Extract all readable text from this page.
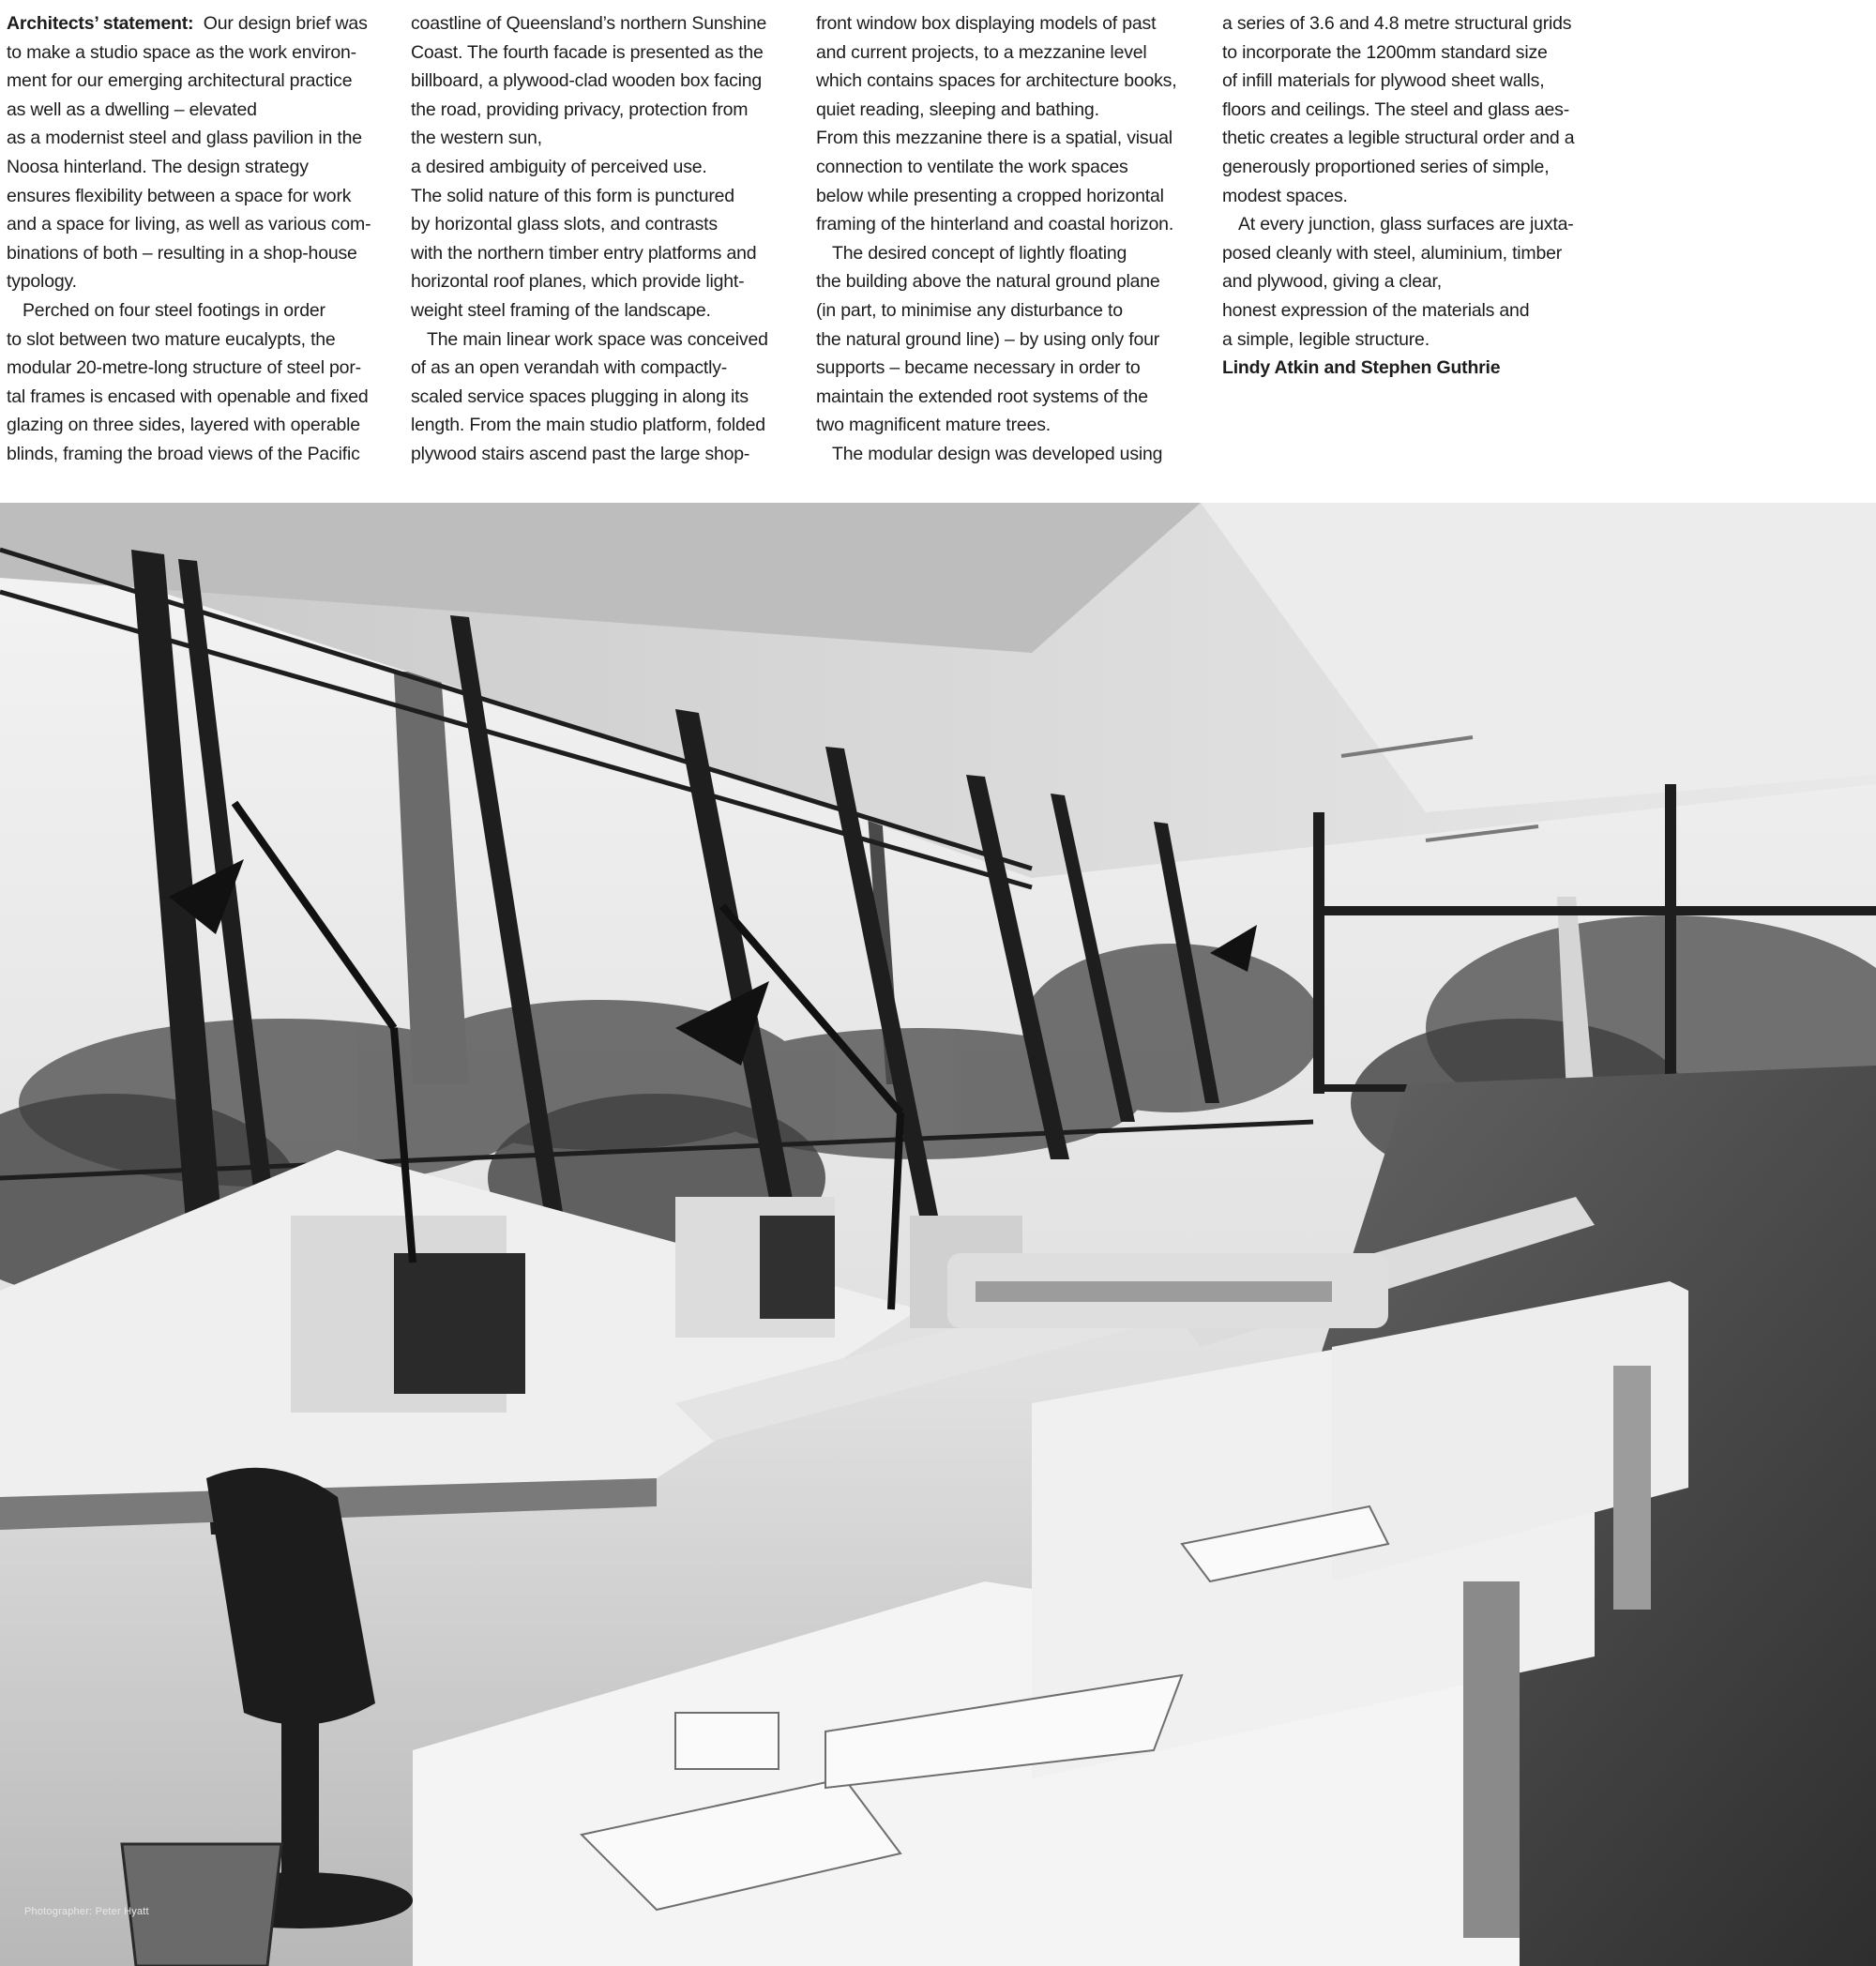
Architects’ statement: Our design brief was

to make a studio space as the work environ-

ment for our emerging architectural practice

as well as a dwelling – elevated

as a modernist steel and glass pavilion in the

Noosa hinterland. The design strategy

ensures flexibility between a space for work

and a space for living, as well as various com-

binations of both – resulting in a shop-house

typology.

Perched on four steel footings in order

to slot between two mature eucalypts, the

modular 20-metre-long structure of steel por-

tal frames is encased with openable and fixed

glazing on three sides, layered with operable

blinds, framing the broad views of the Pacific

coastline of Queensland’s northern Sunshine

Coast. The fourth facade is presented as the

billboard, a plywood-clad wooden box facing

the road, providing privacy, protection from

the western sun,

a desired ambiguity of perceived use.

The solid nature of this form is punctured

by horizontal glass slots, and contrasts

with the northern timber entry platforms and

horizontal roof planes, which provide light-

weight steel framing of the landscape.

The main linear work space was conceived

of as an open verandah with compactly-

scaled service spaces plugging in along its

length. From the main studio platform, folded

plywood stairs ascend past the large shop-

front window box displaying models of past

and current projects, to a mezzanine level

which contains spaces for architecture books,

quiet reading, sleeping and bathing.

From this mezzanine there is a spatial, visual

connection to ventilate the work spaces

below while presenting a cropped horizontal

framing of the hinterland and coastal horizon.

The desired concept of lightly floating

the building above the natural ground plane

(in part, to minimise any disturbance to

the natural ground line) – by using only four

supports – became necessary in order to

maintain the extended root systems of the

two magnificent mature trees.

The modular design was developed using

a series of 3.6 and 4.8 metre structural grids

to incorporate the 1200mm standard size

of infill materials for plywood sheet walls,

floors and ceilings. The steel and glass aes-

thetic creates a legible structural order and a

generously proportioned series of simple,

modest spaces.

At every junction, glass surfaces are juxta-

posed cleanly with steel, aluminium, timber

and plywood, giving a clear,

honest expression of the materials and

a simple, legible structure.

Lindy Atkin and Stephen Guthrie

Photographer: Peter Hyatt
